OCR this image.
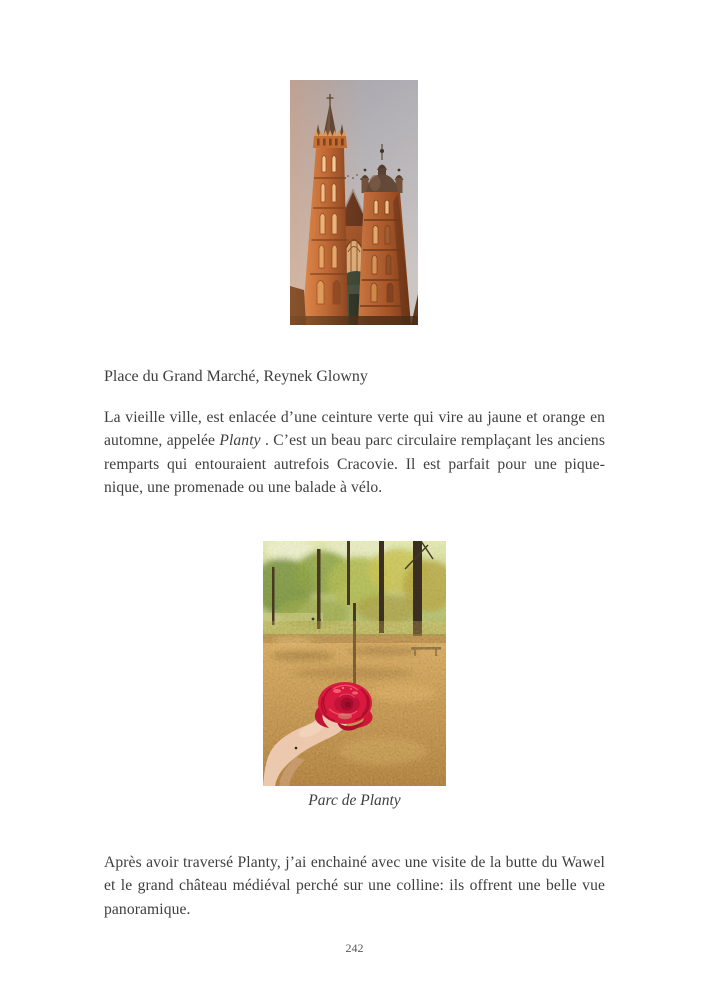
Place du Grand Marché, Reynek Glowny

La vieille ville, est enlacée d’une ceinture verte qui vire au jaune et orange en automne, appelée Planty . C’est un beau parc circulaire remplaçant les anciens remparts qui entouraient autrefois Cracovie. Il est parfait pour une pique-nique, une promenade ou une balade à vélo.

Parc de Planty

Après avoir traversé Planty, j’ai enchainé avec une visite de la butte du Wawel et le grand château médiéval perché sur une colline: ils offrent une belle vue panoramique.

242
